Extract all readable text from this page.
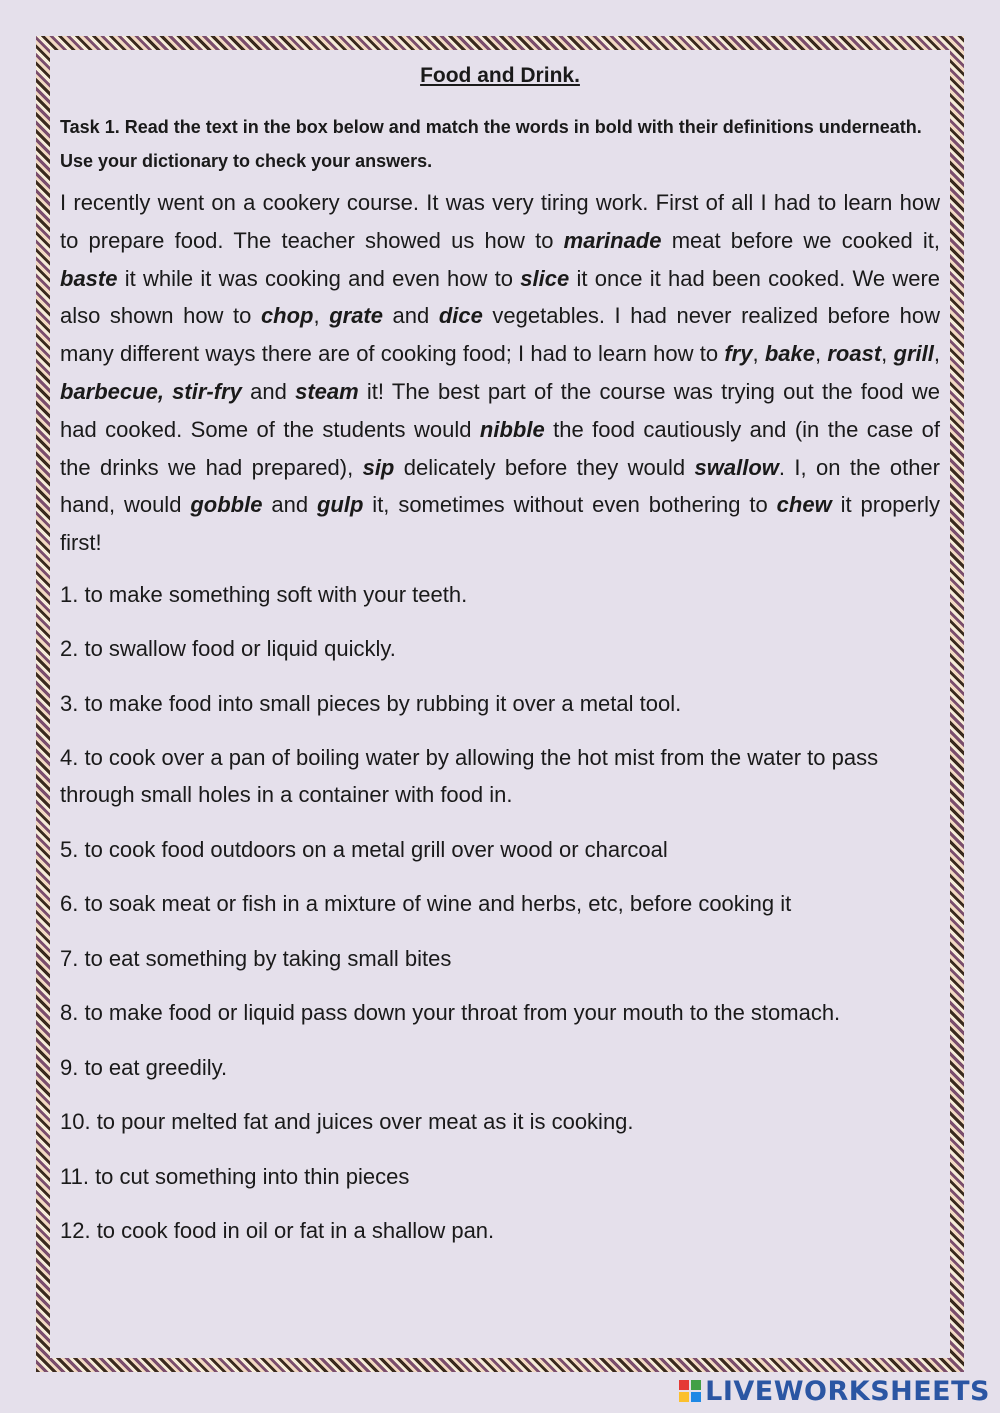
Food and Drink.
Task 1. Read the text in the box below and match the words in bold with their definitions underneath. Use your dictionary to check your answers.
I recently went on a cookery course. It was very tiring work. First of all I had to learn how to prepare food. The teacher showed us how to marinade meat before we cooked it, baste it while it was cooking and even how to slice it once it had been cooked. We were also shown how to chop, grate and dice vegetables. I had never realized before how many different ways there are of cooking food; I had to learn how to fry, bake, roast, grill, barbecue, stir-fry and steam it! The best part of the course was trying out the food we had cooked. Some of the students would nibble the food cautiously and (in the case of the drinks we had prepared), sip delicately before they would swallow. I, on the other hand, would gobble and gulp it, sometimes without even bothering to chew it properly first!
1. to make something soft with your teeth.
2. to swallow food or liquid quickly.
3. to make food into small pieces by rubbing it over a metal tool.
4. to cook over a pan of boiling water by allowing the hot mist from the water to pass through small holes in a container with food in.
5. to cook food outdoors on a metal grill over wood or charcoal
6. to soak meat or fish in a mixture of wine and herbs, etc, before cooking it
7. to eat something by taking small bites
8. to make food or liquid pass down your throat from your mouth to the stomach.
9. to eat greedily.
10. to pour melted fat and juices over meat as it is cooking.
11. to cut something into thin pieces
12. to cook food in oil or fat in a shallow pan.
LIVEWORKSHEETS
